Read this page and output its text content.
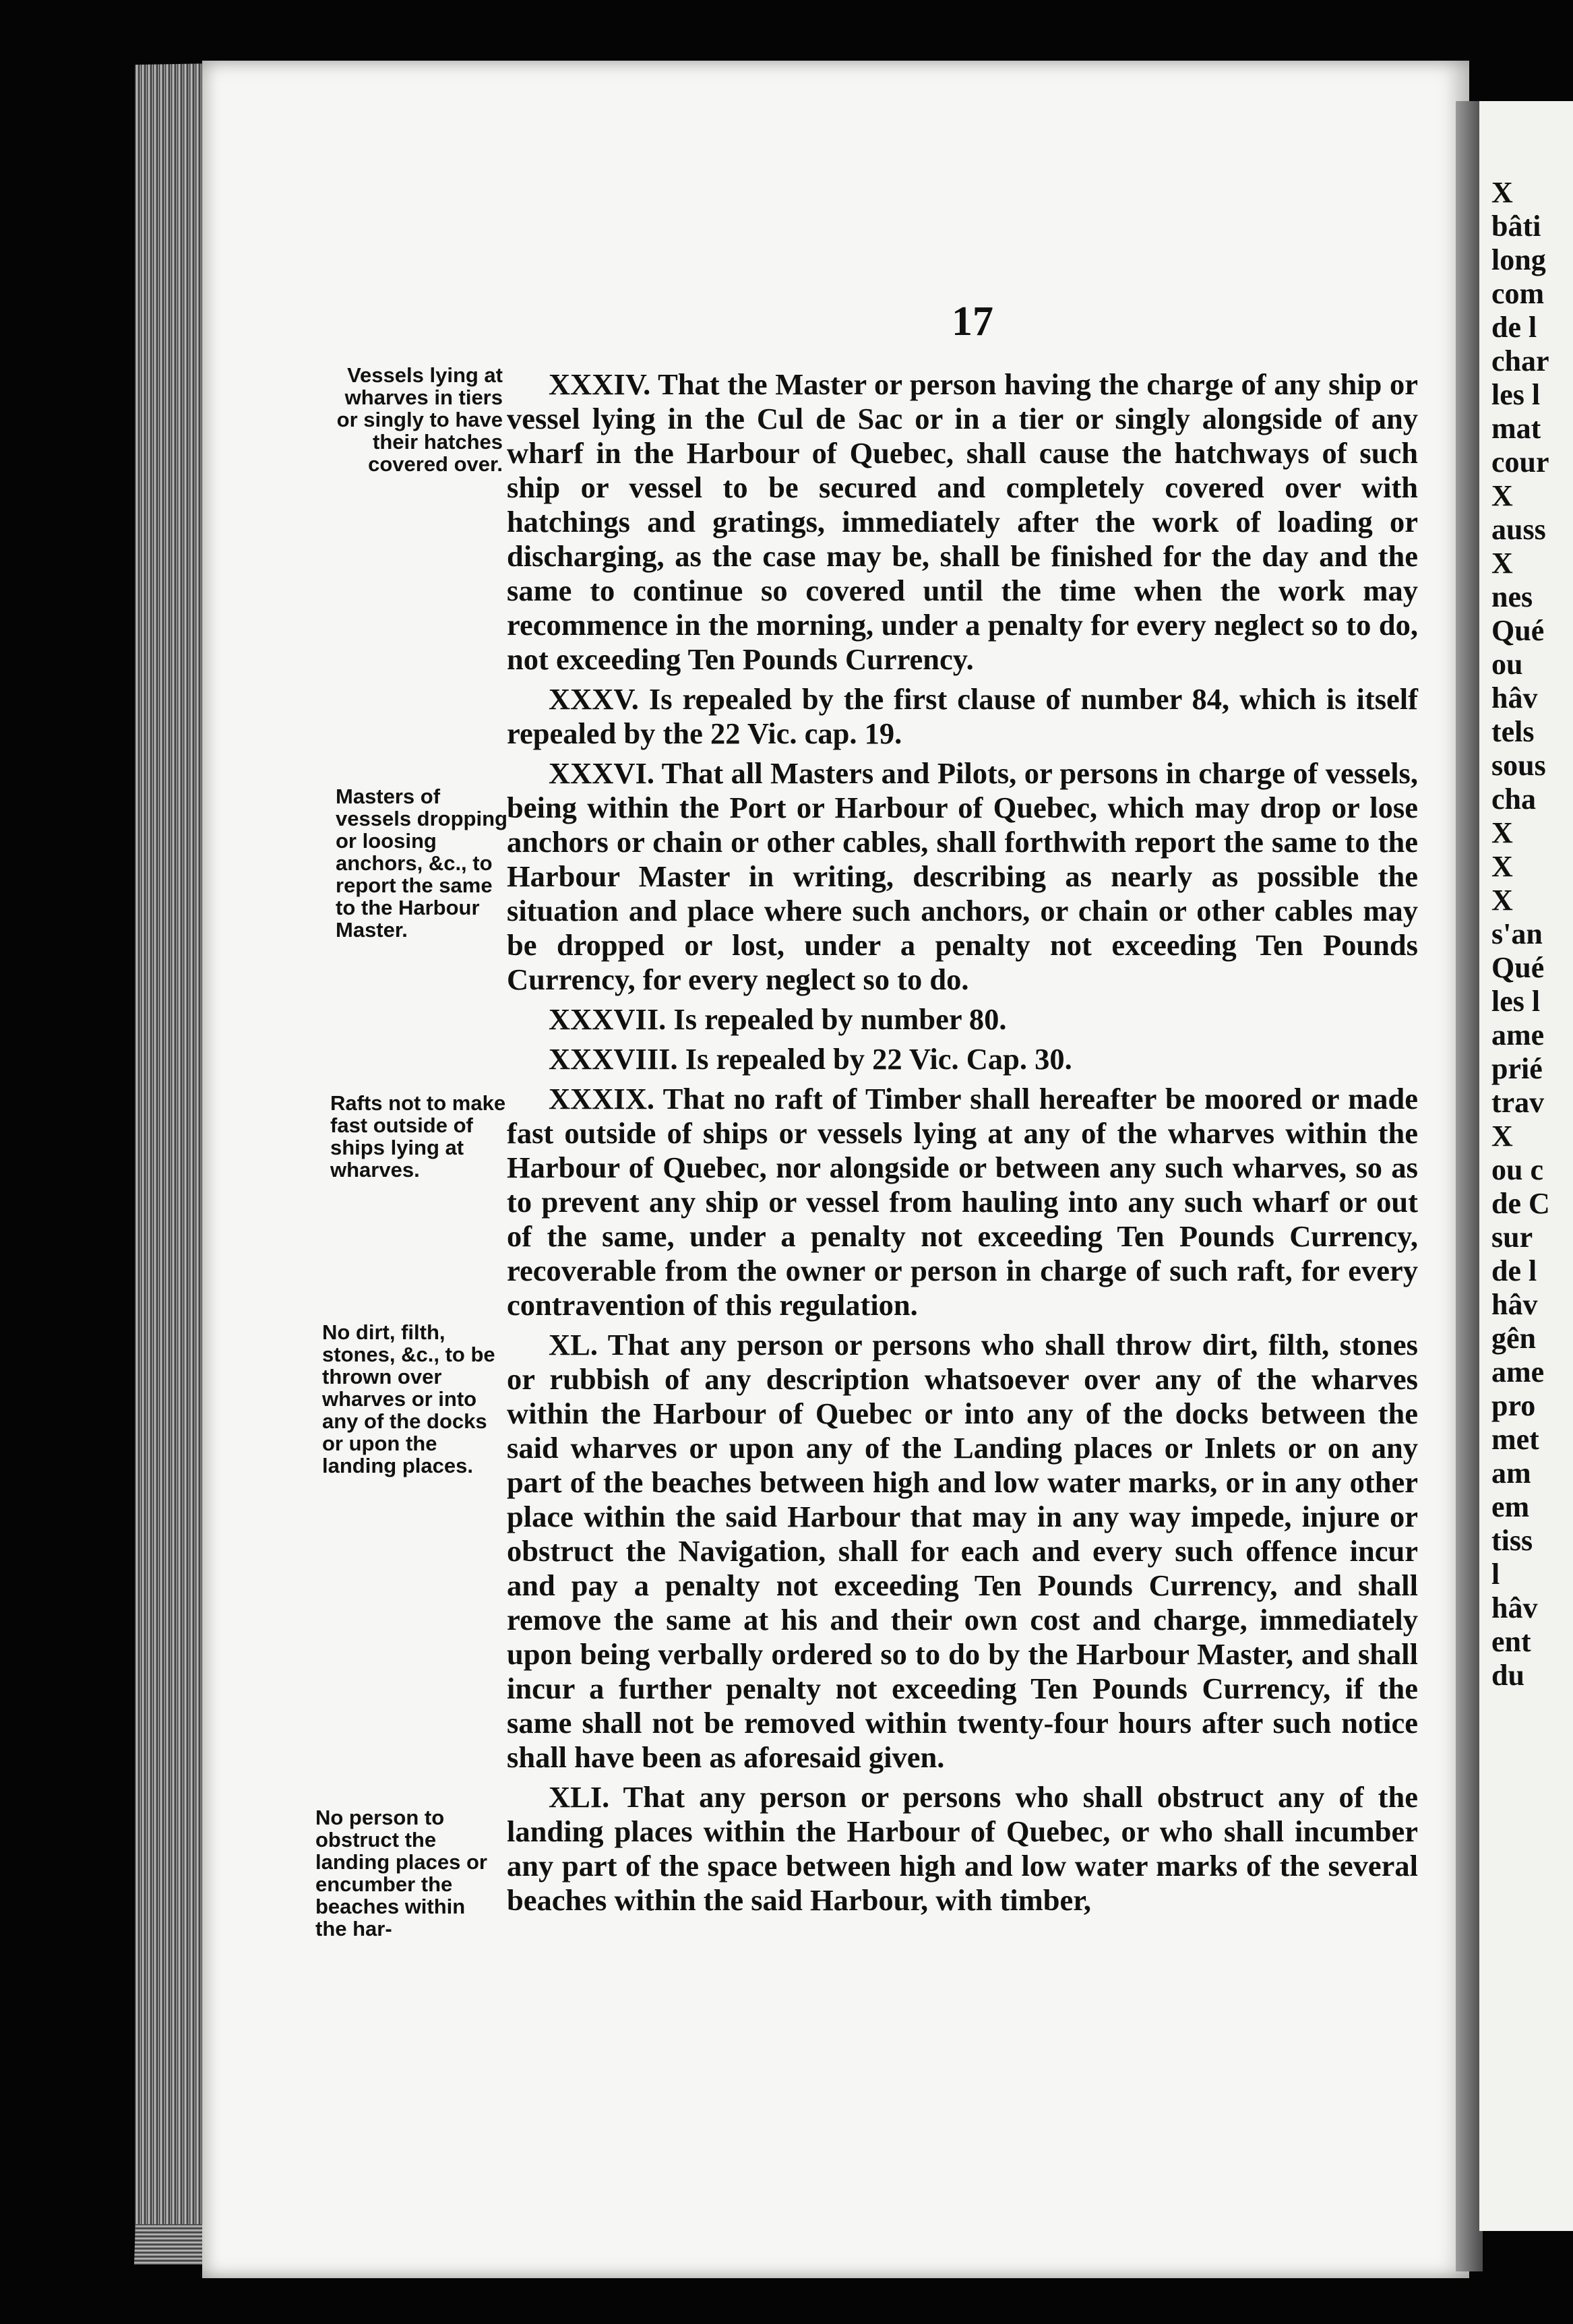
X
bâti
long
com
de l
char
les l
mat
cour
X
auss
X
nes
Qué
ou
hâv
tels
sous
cha
X
X
X
s'an
Qué
les l
ame
prié
trav
X
ou c
de C
sur
de l
hâv
gên
ame
pro
met
am
em
tiss
l
hâv
ent
du
17
Vessels lying at wharves in tiers or singly to have their hatches covered over.
Masters of vessels dropping or loosing anchors, &c., to report the same to the Harbour Master.
Rafts not to make fast outside of ships lying at wharves.
No dirt, filth, stones, &c., to be thrown over wharves or into any of the docks or upon the landing places.
No person to obstruct the landing places or encumber the beaches within the har-

XXXIV. That the Master or person having the charge of any ship or vessel lying in the Cul de Sac or in a tier or singly alongside of any wharf in the Harbour of Quebec, shall cause the hatchways of such ship or vessel to be secured and completely covered over with hatchings and gratings, immediately after the work of loading or discharging, as the case may be, shall be finished for the day and the same to continue so covered until the time when the work may recommence in the morning, under a penalty for every neglect so to do, not exceeding Ten Pounds Currency.

XXXV. Is repealed by the first clause of number 84, which is itself repealed by the 22 Vic. cap. 19.

XXXVI. That all Masters and Pilots, or persons in charge of vessels, being within the Port or Harbour of Quebec, which may drop or lose anchors or chain or other cables, shall forthwith report the same to the Harbour Master in writing, describing as nearly as possible the situation and place where such anchors, or chain or other cables may be dropped or lost, under a penalty not exceeding Ten Pounds Currency, for every neglect so to do.

XXXVII. Is repealed by number 80.

XXXVIII. Is repealed by 22 Vic. Cap. 30.

XXXIX. That no raft of Timber shall hereafter be moored or made fast outside of ships or vessels lying at any of the wharves within the Harbour of Quebec, nor alongside or between any such wharves, so as to prevent any ship or vessel from hauling into any such wharf or out of the same, under a penalty not exceeding Ten Pounds Currency, recoverable from the owner or person in charge of such raft, for every contravention of this regulation.

XL. That any person or persons who shall throw dirt, filth, stones or rubbish of any description whatsoever over any of the wharves within the Harbour of Quebec or into any of the docks between the said wharves or upon any of the Landing places or Inlets or on any part of the beaches between high and low water marks, or in any other place within the said Harbour that may in any way impede, injure or obstruct the Navigation, shall for each and every such offence incur and pay a penalty not exceeding Ten Pounds Currency, and shall remove the same at his and their own cost and charge, immediately upon being verbally ordered so to do by the Harbour Master, and shall incur a further penalty not exceeding Ten Pounds Currency, if the same shall not be removed within twenty-four hours after such notice shall have been as aforesaid given.

XLI. That any person or persons who shall obstruct any of the landing places within the Harbour of Quebec, or who shall incumber any part of the space between high and low water marks of the several beaches within the said Harbour, with timber,
